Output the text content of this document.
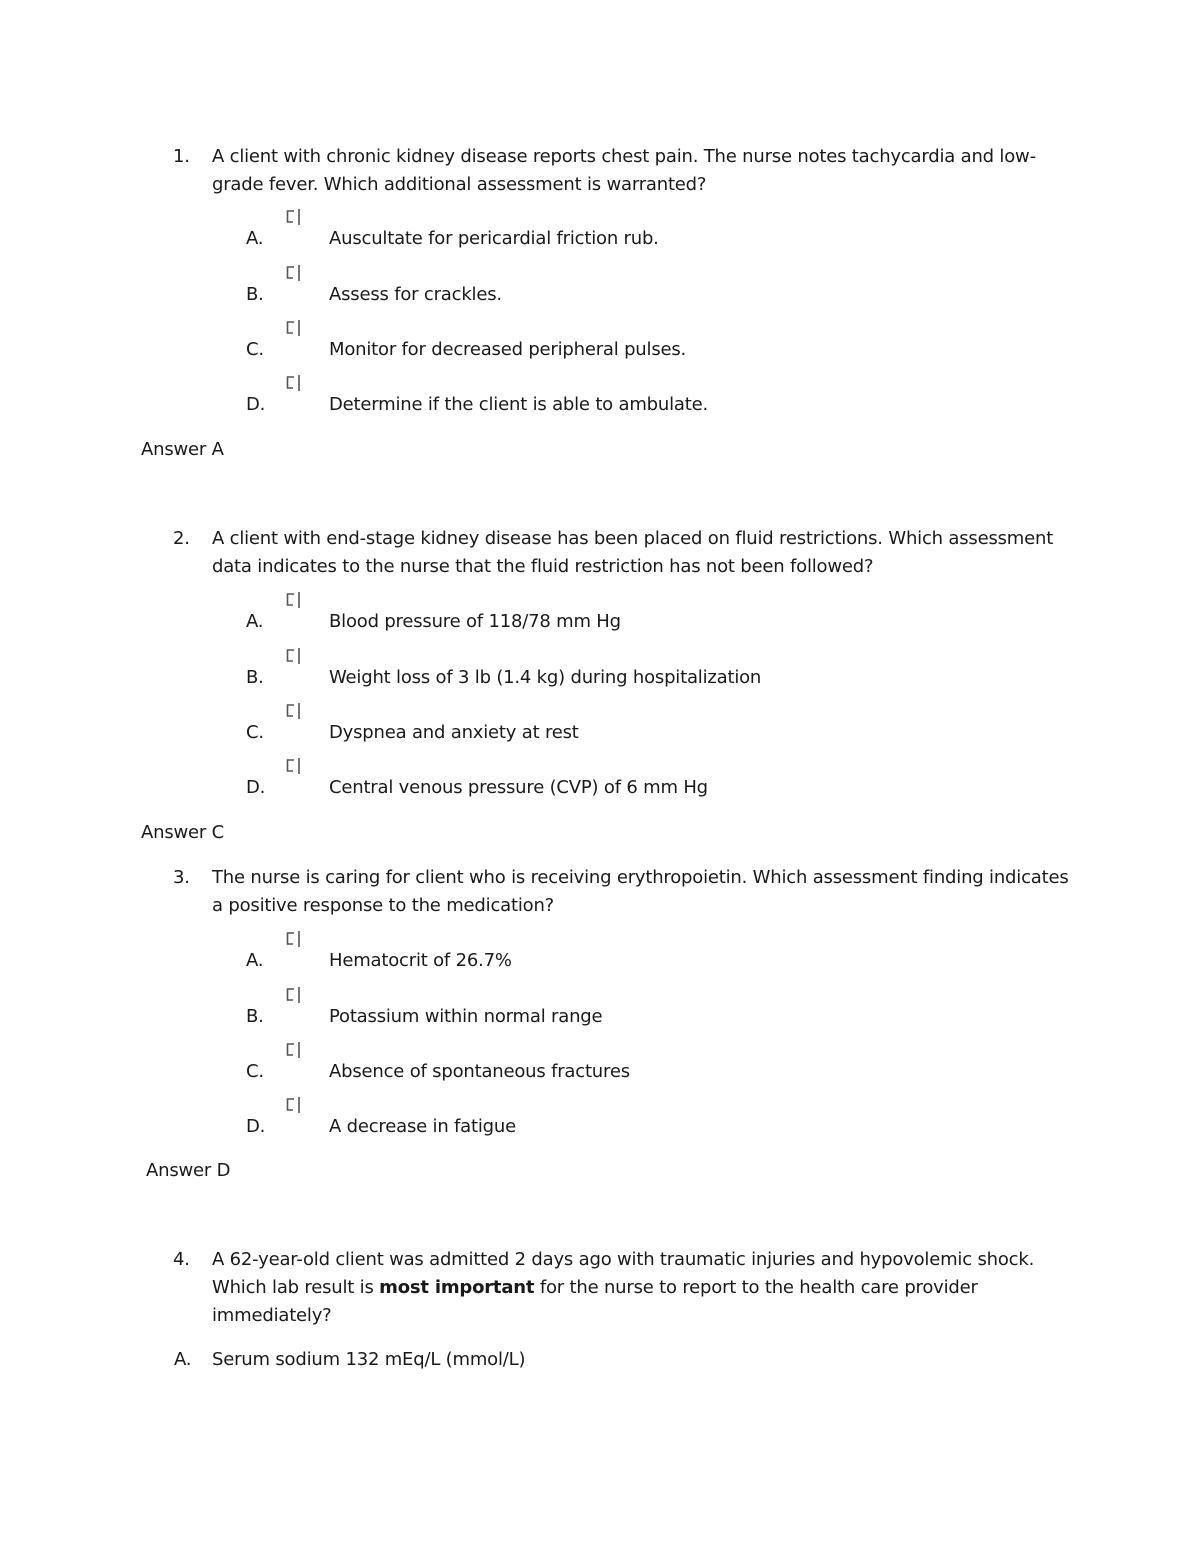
1. A client with chronic kidney disease reports chest pain. The nurse notes tachycardia and low-grade fever. Which additional assessment is warranted?
A.	Auscultate for pericardial friction rub.
B.	Assess for crackles.
C.	Monitor for decreased peripheral pulses.
D.	Determine if the client is able to ambulate.
Answer A
2. A client with end-stage kidney disease has been placed on fluid restrictions. Which assessment data indicates to the nurse that the fluid restriction has not been followed?
A.	Blood pressure of 118/78 mm Hg
B.	Weight loss of 3 lb (1.4 kg) during hospitalization
C.	Dyspnea and anxiety at rest
D.	Central venous pressure (CVP) of 6 mm Hg
Answer C
3. The nurse is caring for client who is receiving erythropoietin. Which assessment finding indicates a positive response to the medication?
A.	Hematocrit of 26.7%
B.	Potassium within normal range
C.	Absence of spontaneous fractures
D.	A decrease in fatigue
Answer D
4. A 62-year-old client was admitted 2 days ago with traumatic injuries and hypovolemic shock. Which lab result is most important for the nurse to report to the health care provider immediately?
A. Serum sodium 132 mEq/L (mmol/L)
